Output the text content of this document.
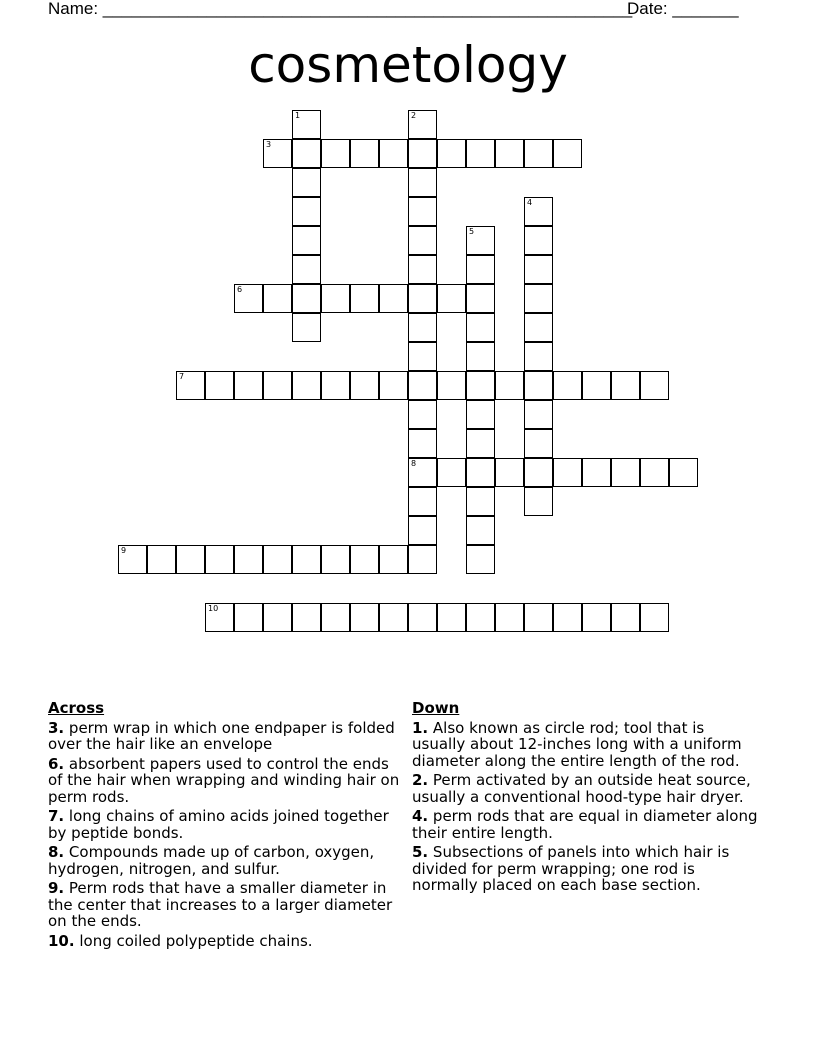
Name: ________________________________________________________
Date: _______
cosmetology
1	2
3
4
5
6
7
8
9
10
Across
3. perm wrap in which one endpaper is folded over the hair like an envelope
6. absorbent papers used to control the ends of the hair when wrapping and winding hair on perm rods.
7. long chains of amino acids joined together by peptide bonds.
8. Compounds made up of carbon, oxygen, hydrogen, nitrogen, and sulfur.
9. Perm rods that have a smaller diameter in the center that increases to a larger diameter on the ends.
10. long coiled polypeptide chains.
Down
1. Also known as circle rod; tool that is usually about 12-inches long with a uniform diameter along the entire length of the rod.
2. Perm activated by an outside heat source, usually a conventional hood-type hair dryer.
4. perm rods that are equal in diameter along their entire length.
5. Subsections of panels into which hair is divided for perm wrapping; one rod is normally placed on each base section.
